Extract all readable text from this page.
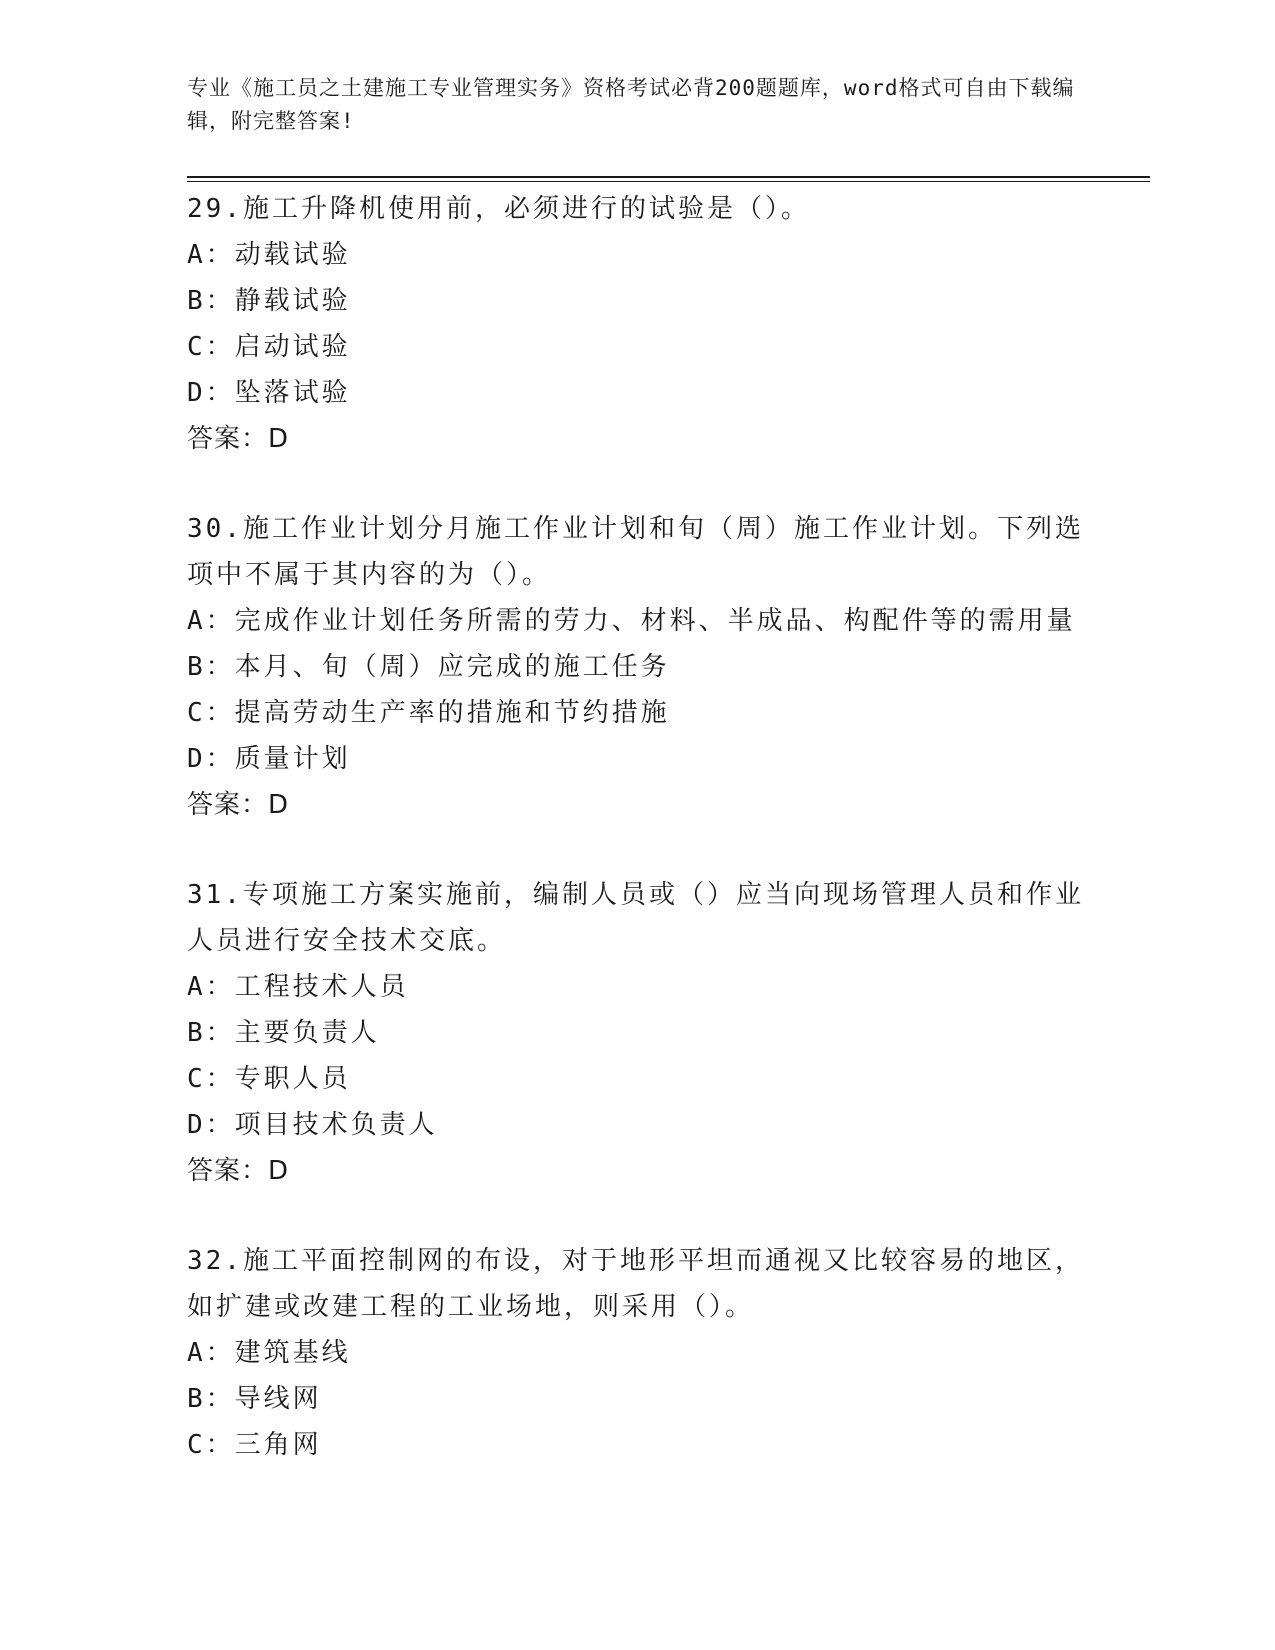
专业《施工员之土建施工专业管理实务》资格考试必背200题题库，word格式可自由下载编辑，附完整答案!
29.施工升降机使用前，必须进行的试验是（）。
A：动载试验
B：静载试验
C：启动试验
D：坠落试验
答案：D
30.施工作业计划分月施工作业计划和旬（周）施工作业计划。下列选项中不属于其内容的为（）。
A：完成作业计划任务所需的劳力、材料、半成品、构配件等的需用量
B：本月、旬（周）应完成的施工任务
C：提高劳动生产率的措施和节约措施
D：质量计划
答案：D
31.专项施工方案实施前，编制人员或（）应当向现场管理人员和作业人员进行安全技术交底。
A：工程技术人员
B：主要负责人
C：专职人员
D：项目技术负责人
答案：D
32.施工平面控制网的布设，对于地形平坦而通视又比较容易的地区，如扩建或改建工程的工业场地，则采用（）。
A：建筑基线
B：导线网
C：三角网
